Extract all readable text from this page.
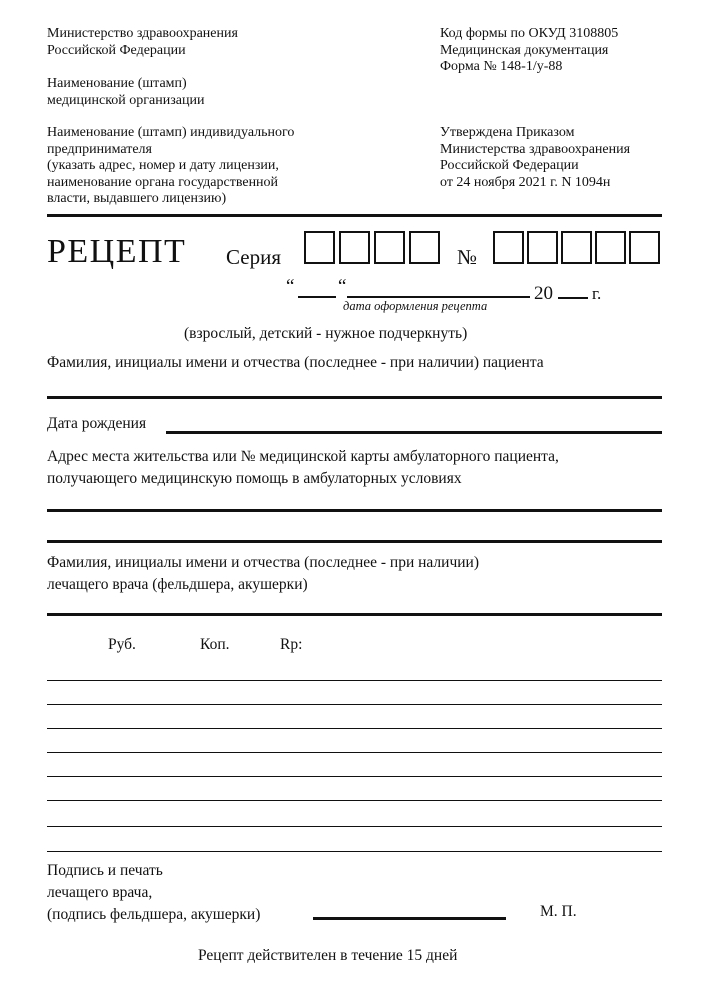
Министерство здравоохранения
Российской Федерации
Наименование (штамп)
медицинской организации
Наименование (штамп) индивидуального
предпринимателя
(указать адрес, номер и дату лицензии,
наименование органа государственной
власти, выдавшего лицензию)
Код формы по ОКУД 3108805
Медицинская документация
Форма № 148-1/у-88
Утверждена Приказом
Министерства здравоохранения
Российской Федерации
от 24 ноября 2021 г. N 1094н
РЕЦЕПТ Серия	№
“ “
дата оформления рецепта
20 г.
(взрослый, детский - нужное подчеркнуть)
Фамилия, инициалы имени и отчества (последнее - при наличии) пациента
Дата рождения
Адрес места жительства или № медицинской карты амбулаторного пациента,
получающего медицинскую помощь в амбулаторных условиях
Фамилия, инициалы имени и отчества (последнее - при наличии)
лечащего врача (фельдшера, акушерки)
Руб.	Коп.	Rp:
Подпись и печать
лечащего врача,
(подпись фельдшера, акушерки)	М. П.
Рецепт действителен в течение 15 дней
